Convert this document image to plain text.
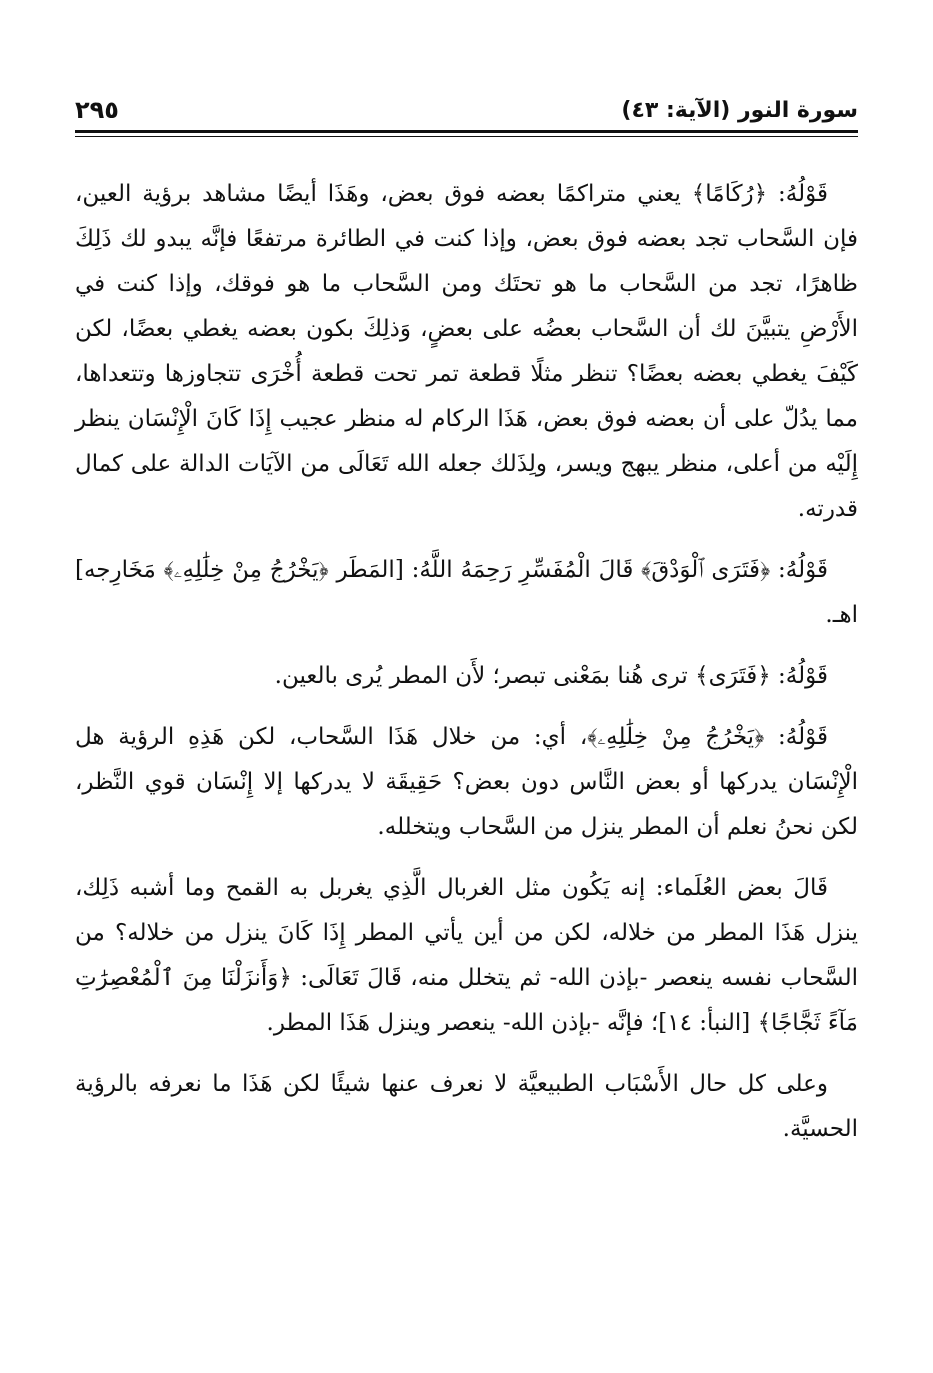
٢٩٥	سورة النور (الآية: ٤٣)

قَوْلُهُ: ﴿رُكَامًا﴾ يعني متراكمًا بعضه فوق بعض، وهَذَا أيضًا مشاهد برؤية العين، فإن السَّحاب تجد بعضه فوق بعض، وإذا كنت في الطائرة مرتفعًا فإنَّه يبدو لك ذَلِكَ ظاهرًا، تجد من السَّحاب ما هو تحتَك ومن السَّحاب ما هو فوقك، وإذا كنت في الأَرْضِ يتبيَّنَ لك أن السَّحاب بعضُه على بعضٍ، وَذلِكَ بكون بعضه يغطي بعضًا، لكن كَيْفَ يغطي بعضه بعضًا؟ تنظر مثلًا قطعة تمر تحت قطعة أُخْرَى تتجاوزها وتتعداها، مما يدُلّ على أن بعضه فوق بعض، هَذَا الركام له منظر عجيب إِذَا كَانَ الْإِنْسَان ينظر إِلَيْه من أعلى، منظر يبهج ويسر، ولِذَلك جعله الله تَعَالَى من الآيَات الدالة على كمال قدرته.

قَوْلُهُ: ﴿فَتَرَى ٱلْوَدْقَ﴾ قَالَ الْمُفَسِّرِ رَحِمَهُ اللَّهُ: [المَطَر ﴿يَخْرُجُ مِنْ خِلَٰلِهِۦ﴾ مَخَارِجه] اهـ.

قَوْلُهُ: ﴿فَتَرَى﴾ ترى هُنا بمَعْنى تبصر؛ لأَن المطر يُرى بالعين.

قَوْلُهُ: ﴿يَخْرُجُ مِنْ خِلَٰلِهِۦ﴾، أي: من خلال هَذَا السَّحاب، لكن هَذِهِ الرؤية هل الْإِنْسَان يدركها أو بعض النَّاس دون بعض؟ حَقِيقَة لا يدركها إلا إِنْسَان قوي النَّظر، لكن نحنُ نعلم أن المطر ينزل من السَّحاب ويتخلله.

قَالَ بعض العُلَماء: إنه يَكُون مثل الغربال الَّذِي يغربل به القمح وما أشبه ذَلِك، ينزل هَذَا المطر من خلاله، لكن من أين يأتي المطر إِذَا كَانَ ينزل من خلاله؟ من السَّحاب نفسه ينعصر -بإذن الله- ثم يتخلل منه، قَالَ تَعَالَى: ﴿وَأَنزَلْنَا مِنَ ٱلْمُعْصِرَٰتِ مَآءً ثَجَّاجًا﴾ [النبأ: ١٤]؛ فإنَّه -بإذن الله- ينعصر وينزل هَذَا المطر.

وعلى كل حال الأَسْبَاب الطبيعيَّة لا نعرف عنها شيئًا لكن هَذَا ما نعرفه بالرؤية الحسيَّة.
